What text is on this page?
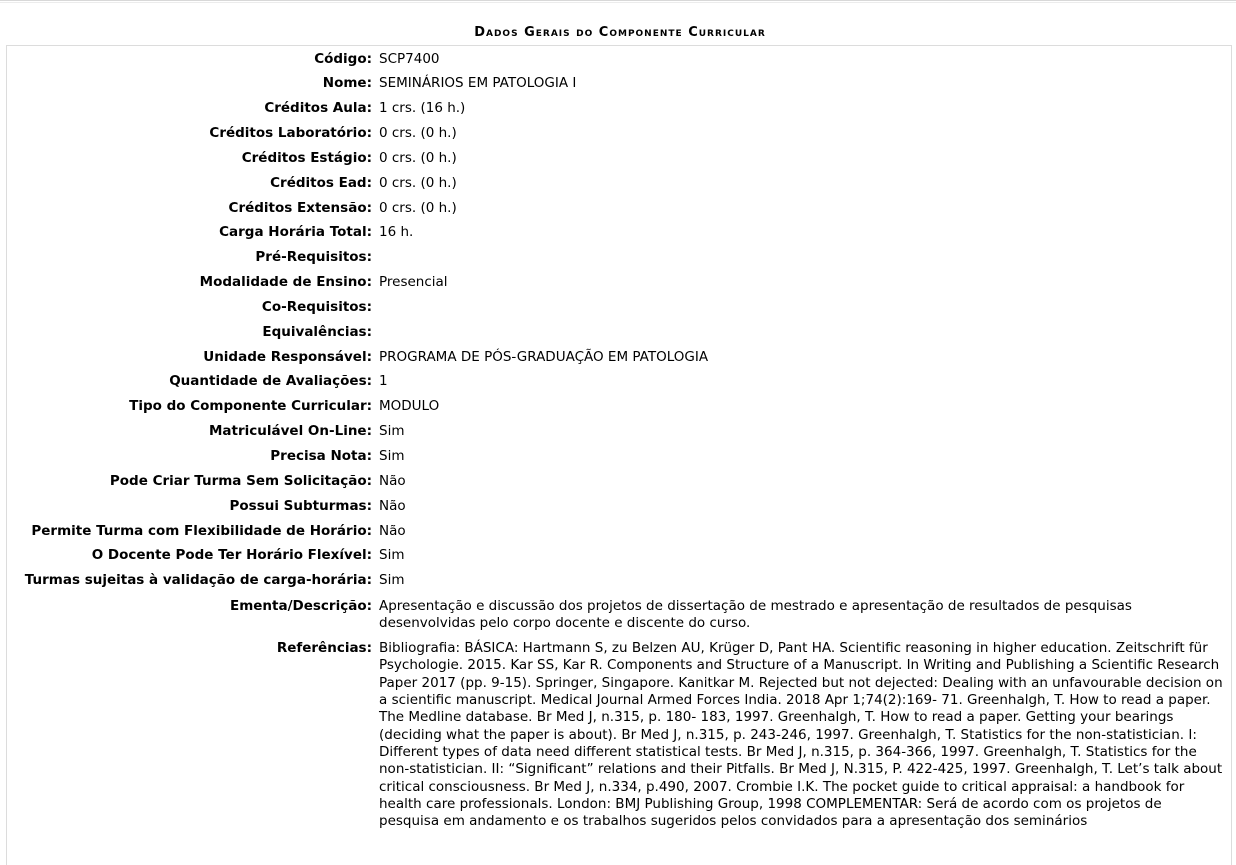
Dados Gerais do Componente Curricular
Código:	SCP7400
Nome:	SEMINÁRIOS EM PATOLOGIA I
Créditos Aula:	1 crs. (16 h.)
Créditos Laboratório:	0 crs. (0 h.)
Créditos Estágio:	0 crs. (0 h.)
Créditos Ead:	0 crs. (0 h.)
Créditos Extensão:	0 crs. (0 h.)
Carga Horária Total:	16 h.
Pré-Requisitos:	
Modalidade de Ensino:	Presencial
Co-Requisitos:	
Equivalências:	
Unidade Responsável:	PROGRAMA DE PÓS-GRADUAÇÃO EM PATOLOGIA
Quantidade de Avaliações:	1
Tipo do Componente Curricular:	MODULO
Matriculável On-Line:	Sim
Precisa Nota:	Sim
Pode Criar Turma Sem Solicitação:	Não
Possui Subturmas:	Não
Permite Turma com Flexibilidade de Horário:	Não
O Docente Pode Ter Horário Flexível:	Sim
Turmas sujeitas à validação de carga-horária:	Sim
Ementa/Descrição:	Apresentação e discussão dos projetos de dissertação de mestrado e apresentação de resultados de pesquisas desenvolvidas pelo corpo docente e discente do curso.
Referências:	Bibliografia: BÁSICA: Hartmann S, zu Belzen AU, Krüger D, Pant HA. Scientific reasoning in higher education. Zeitschrift für Psychologie. 2015. Kar SS, Kar R. Components and Structure of a Manuscript. In Writing and Publishing a Scientific Research Paper 2017 (pp. 9-15). Springer, Singapore. Kanitkar M. Rejected but not dejected: Dealing with an unfavourable decision on a scientific manuscript. Medical Journal Armed Forces India. 2018 Apr 1;74(2):169- 71. Greenhalgh, T. How to read a paper. The Medline database. Br Med J, n.315, p. 180- 183, 1997. Greenhalgh, T. How to read a paper. Getting your bearings (deciding what the paper is about). Br Med J, n.315, p. 243-246, 1997. Greenhalgh, T. Statistics for the non-statistician. I: Different types of data need different statistical tests. Br Med J, n.315, p. 364-366, 1997. Greenhalgh, T. Statistics for the non-statistician. II: “Significant” relations and their Pitfalls. Br Med J, N.315, P. 422-425, 1997. Greenhalgh, T. Let’s talk about critical consciousness. Br Med J, n.334, p.490, 2007. Crombie I.K. The pocket guide to critical appraisal: a handbook for health care professionals. London: BMJ Publishing Group, 1998 COMPLEMENTAR: Será de acordo com os projetos de pesquisa em andamento e os trabalhos sugeridos pelos convidados para a apresentação dos seminários
